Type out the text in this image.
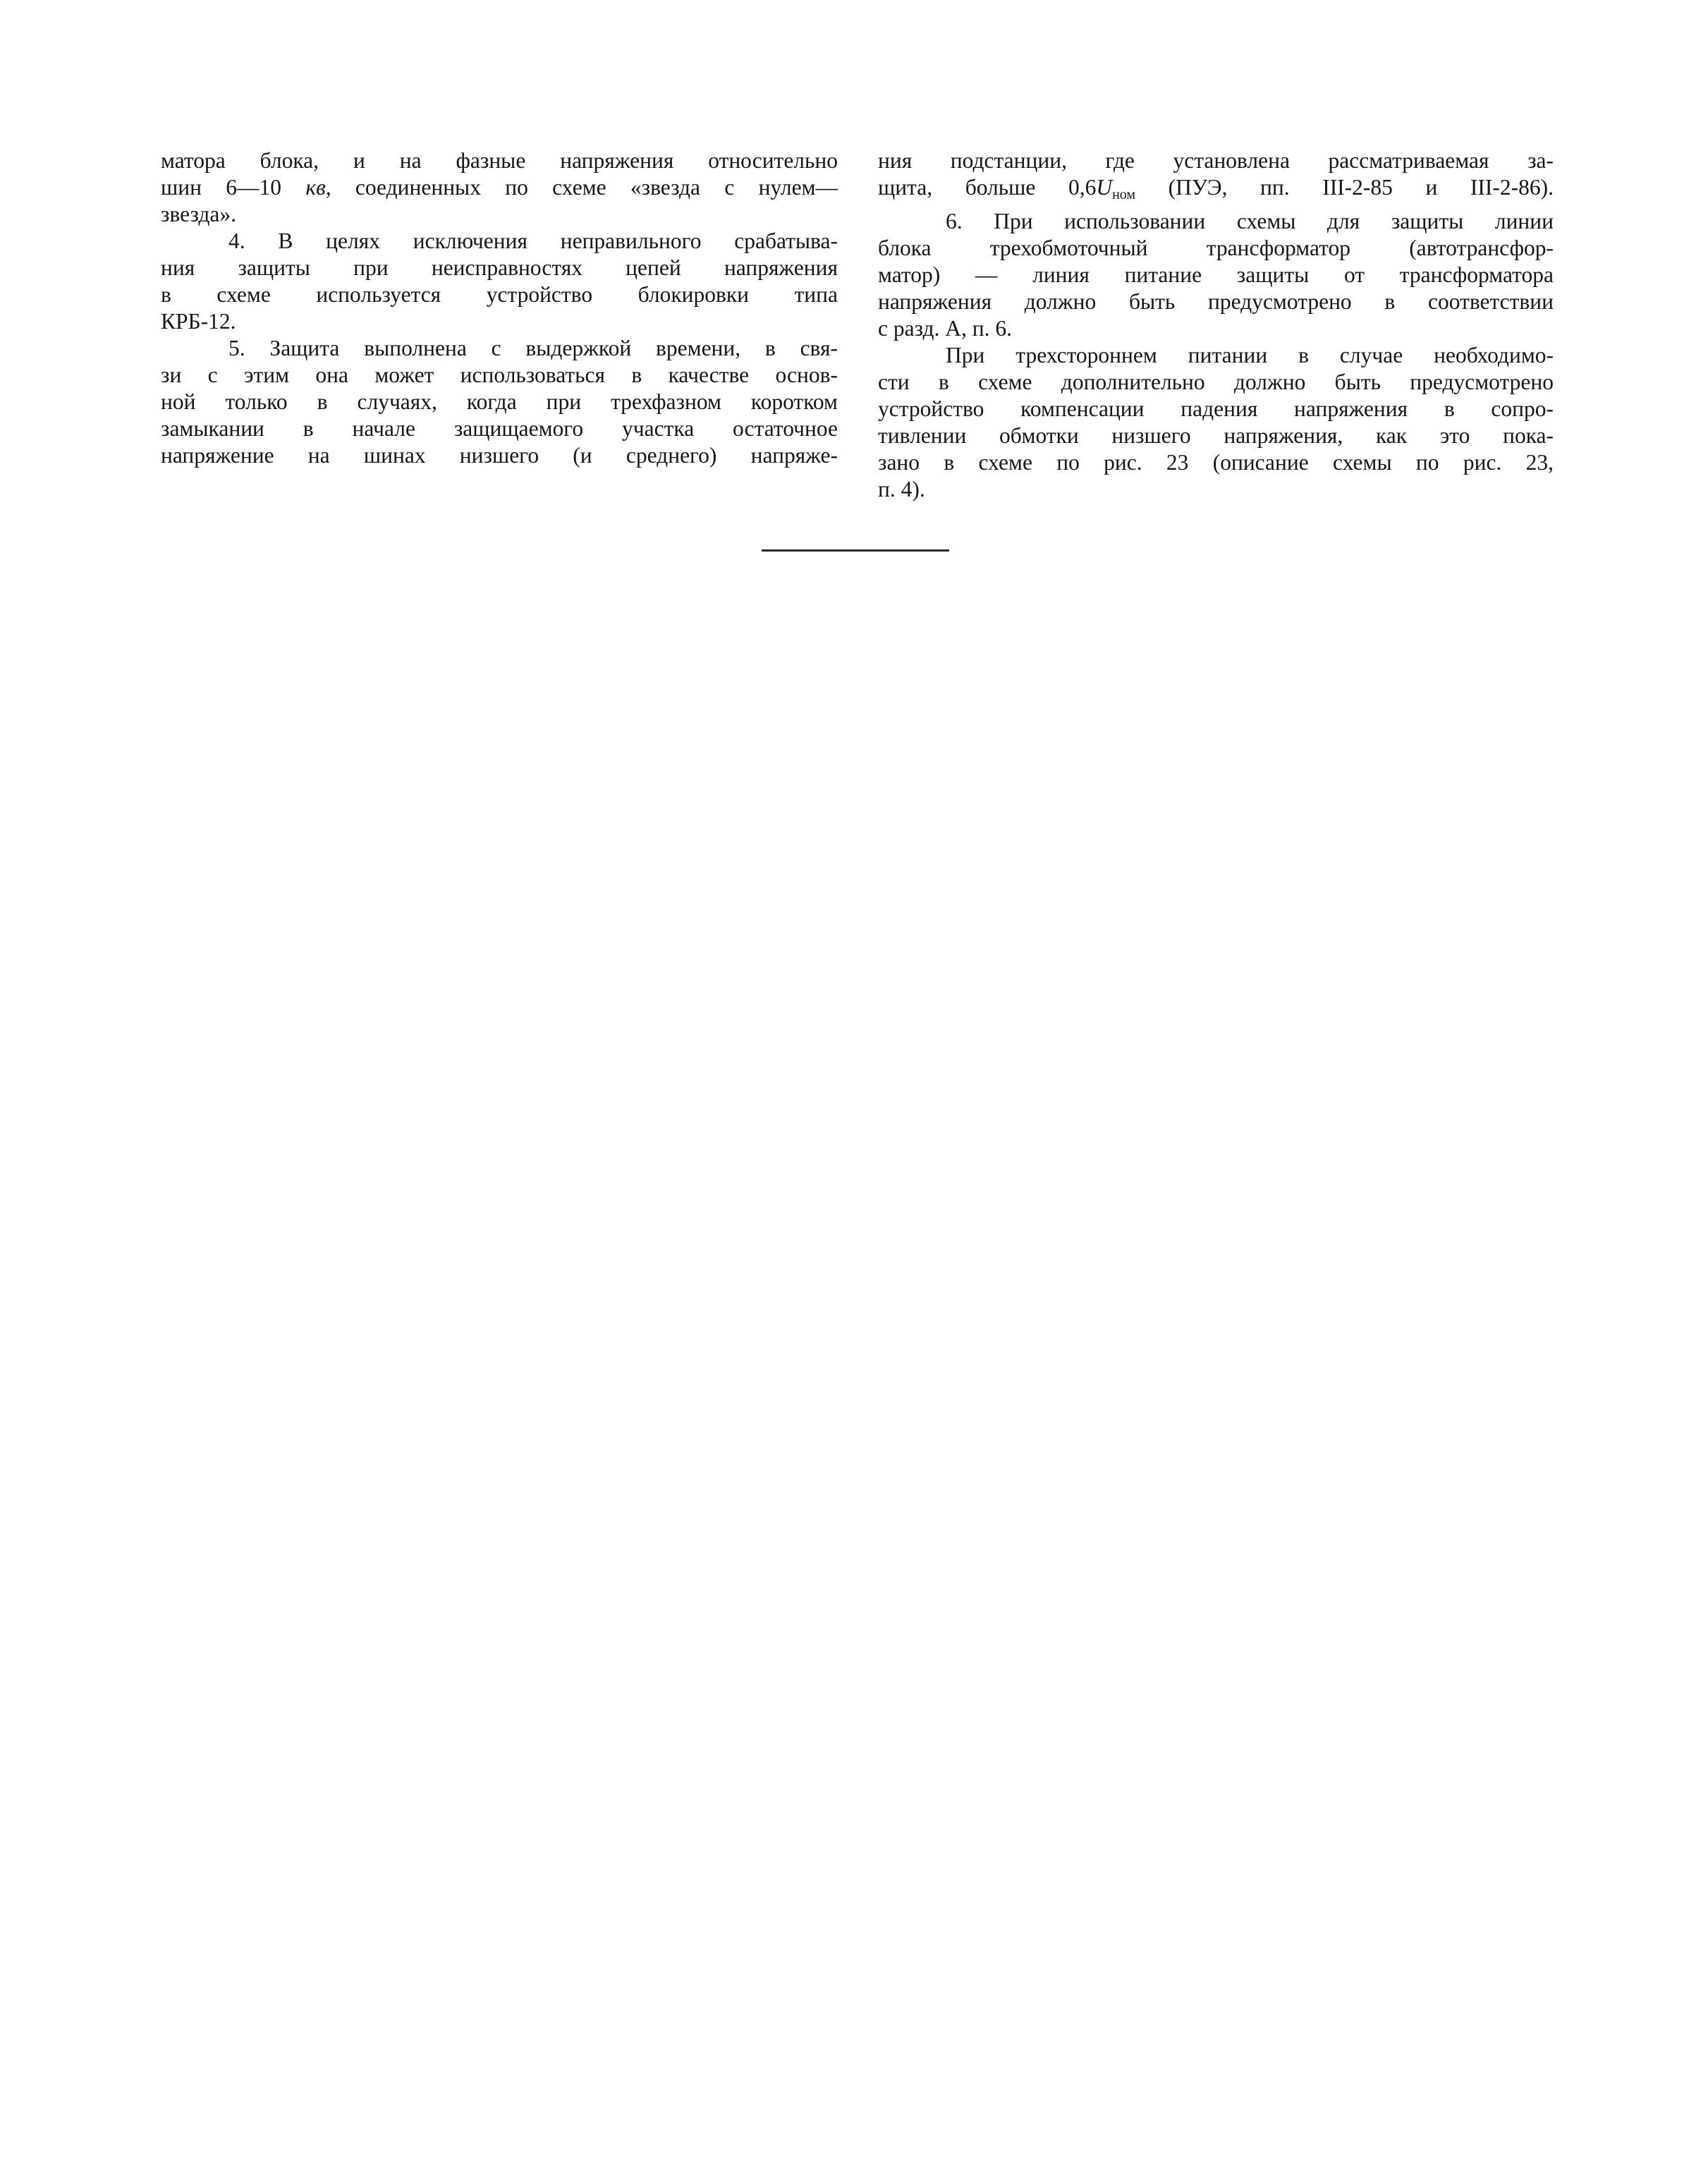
матора блока, и на фазные напряжения относительно
шин 6—10 кв, соединенных по схеме «звезда с нулем—
звезда».
4. В целях исключения неправильного срабатыва-
ния защиты при неисправностях цепей напряжения
в схеме используется устройство блокировки типа
КРБ-12.
5. Защита выполнена с выдержкой времени, в свя-
зи с этим она может использоваться в качестве основ-
ной только в случаях, когда при трехфазном коротком
замыкании в начале защищаемого участка остаточное
напряжение на шинах низшего (и среднего) напряже-
ния подстанции, где установлена рассматриваемая за-
щита, больше $0,6U_{ном}$ (ПУЭ, пп. III-2-85 и III-2-86).
6. При использовании схемы для защиты линии
блока трехобмоточный трансформатор (автотрансфор-
матор) — линия питание защиты от трансформатора
напряжения должно быть предусмотрено в соответствии
с разд. А, п. 6.
При трехстороннем питании в случае необходимо-
сти в схеме дополнительно должно быть предусмотрено
устройство компенсации падения напряжения в сопро-
тивлении обмотки низшего напряжения, как это пока-
зано в схеме по рис. 23 (описание схемы по рис. 23,
п. 4).
